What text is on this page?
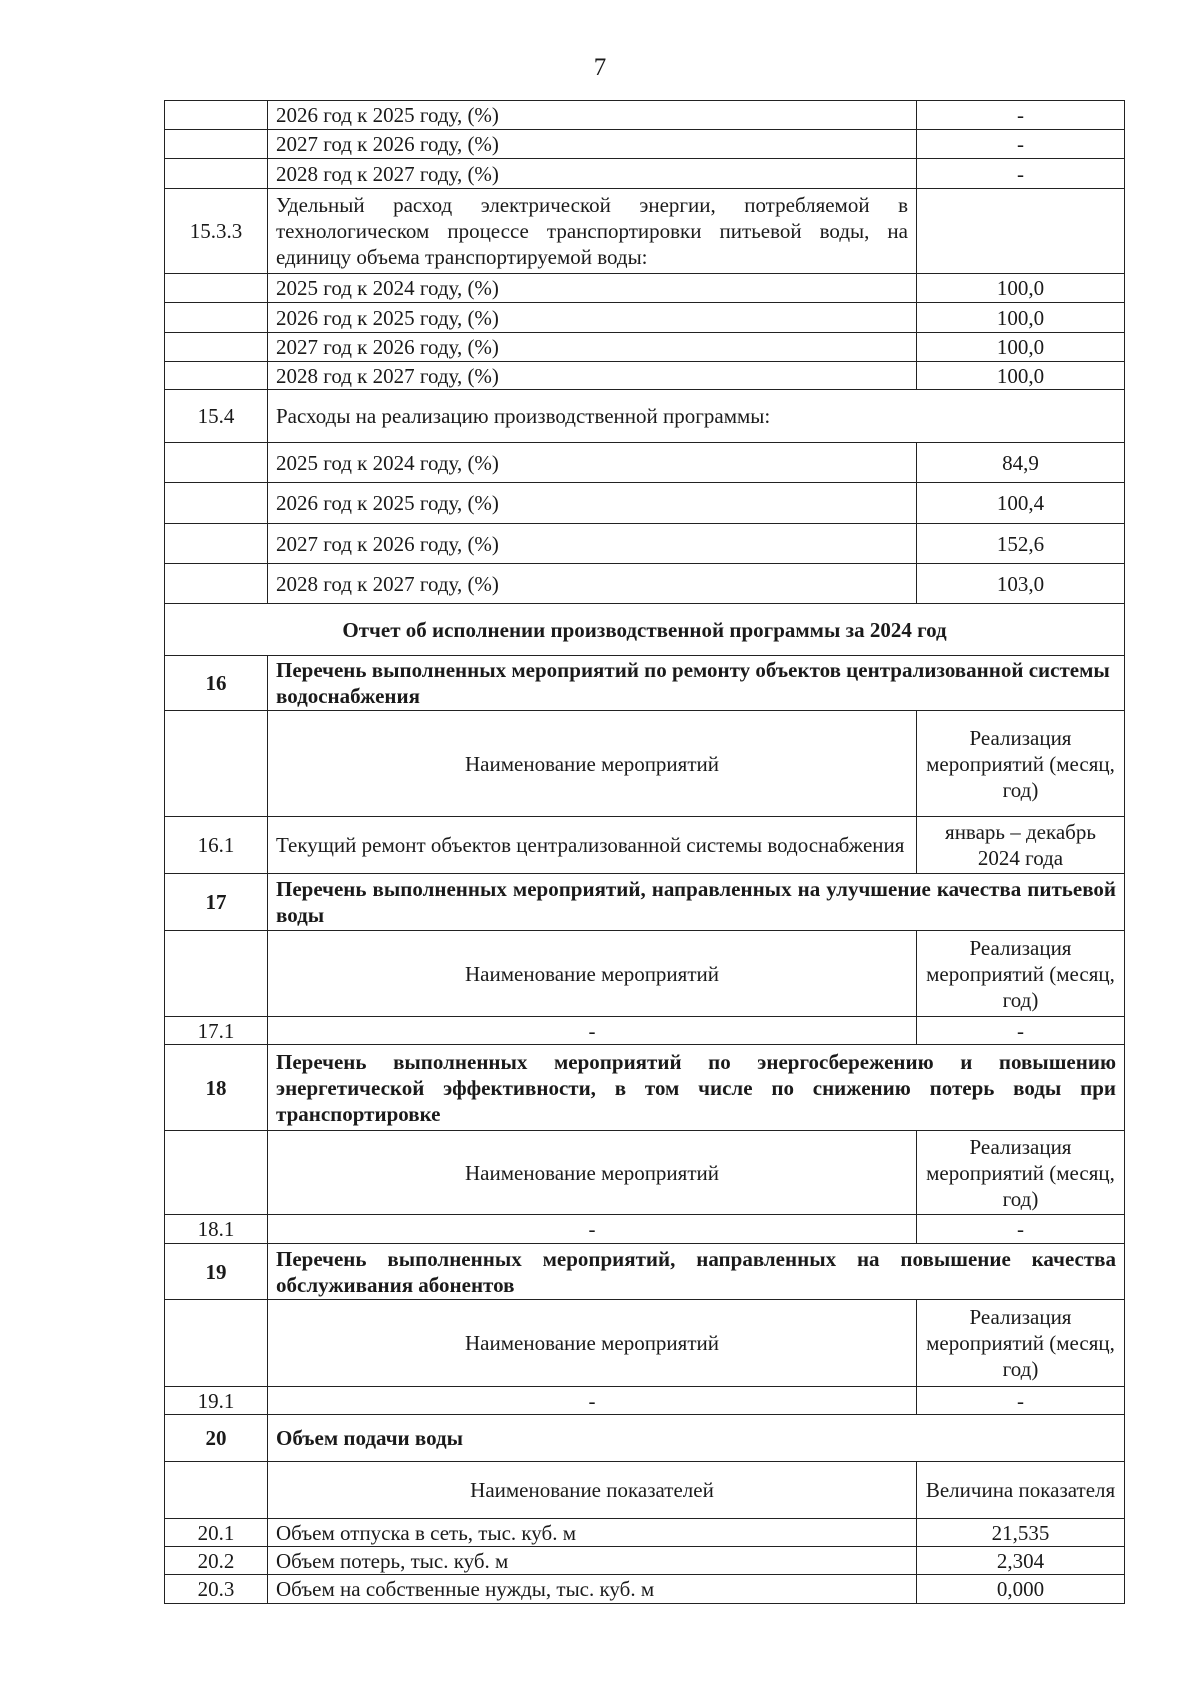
7
	2026 год к 2025 году, (%)	-
	2027 год к 2026 году, (%)	-
	2028 год к 2027 году, (%)	-
15.3.3	Удельный расход электрической энергии, потребляемой в технологическом процессе транспортировки питьевой воды, на единицу объема транспортируемой воды:	
	2025 год к 2024 году, (%)	100,0
	2026 год к 2025 году, (%)	100,0
	2027 год к 2026 году, (%)	100,0
	2028 год к 2027 году, (%)	100,0
15.4	Расходы на реализацию производственной программы:	
	2025 год к 2024 году, (%)	84,9
	2026 год к 2025 году, (%)	100,4
	2027 год к 2026 году, (%)	152,6
	2028 год к 2027 году, (%)	103,0
Отчет об исполнении производственной программы за 2024 год		
16	Перечень выполненных мероприятий по ремонту объектов централизованной системы водоснабжения	
	Наименование мероприятий	Реализация мероприятий (месяц, год)
16.1	Текущий ремонт объектов централизованной системы водоснабжения	январь – декабрь 2024 года
17	Перечень выполненных мероприятий, направленных на улучшение качества питьевой воды	
	Наименование мероприятий	Реализация мероприятий (месяц, год)
17.1	-	-
18	Перечень выполненных мероприятий по энергосбережению и повышению энергетической эффективности, в том числе по снижению потерь воды при транспортировке	
	Наименование мероприятий	Реализация мероприятий (месяц, год)
18.1	-	-
19	Перечень выполненных мероприятий, направленных на повышение качества обслуживания абонентов	
	Наименование мероприятий	Реализация мероприятий (месяц, год)
19.1	-	-
20	Объем подачи воды	
	Наименование показателей	Величина показателя
20.1	Объем отпуска в сеть, тыс. куб. м	21,535
20.2	Объем потерь, тыс. куб. м	2,304
20.3	Объем на собственные нужды, тыс. куб. м	0,000
